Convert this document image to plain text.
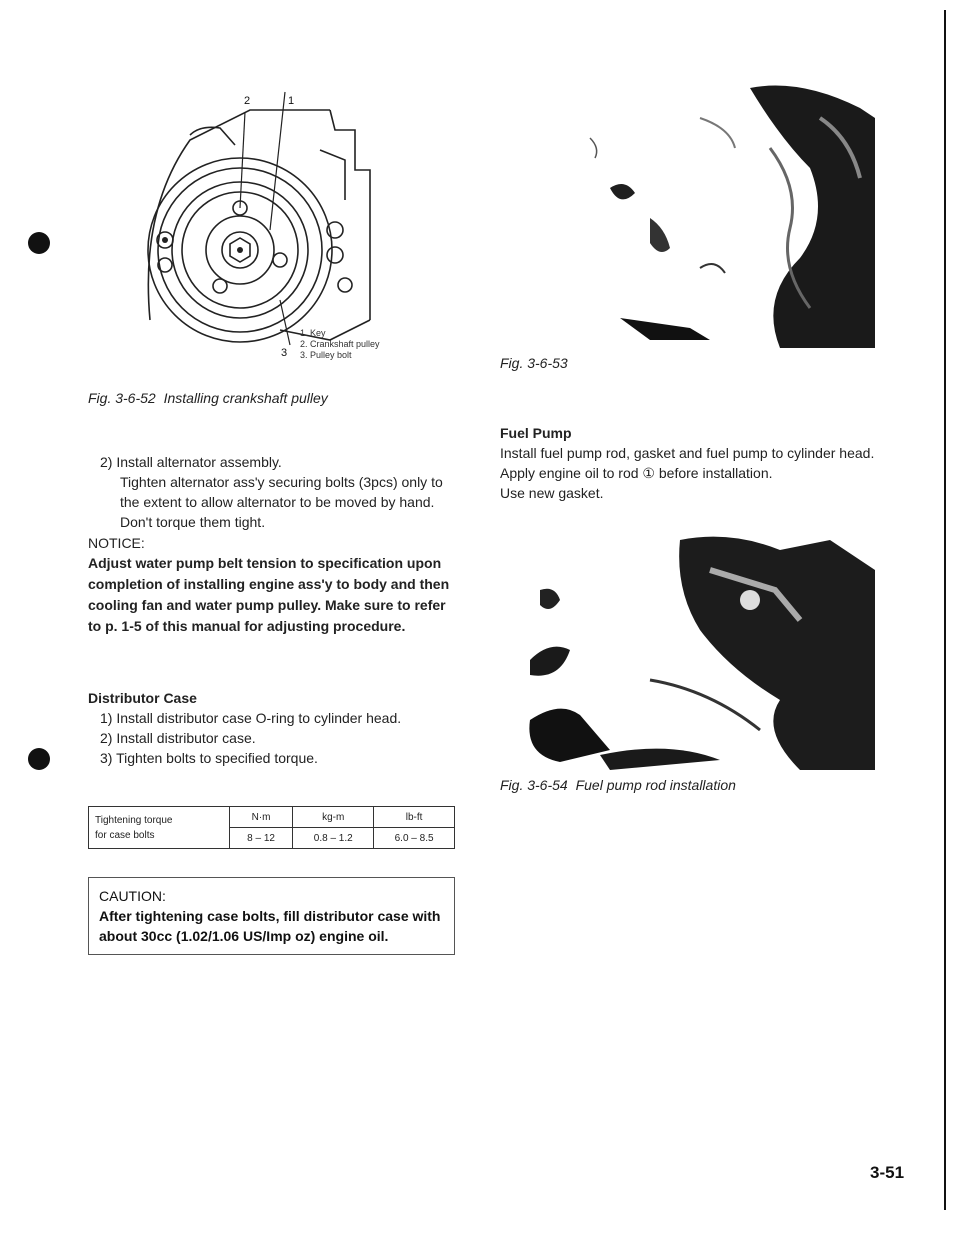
2	1
3
1. Key
2. Crankshaft pulley
3. Pulley bolt
Fig. 3-6-52 Installing crankshaft pulley
2) Install alternator assembly.
Tighten alternator ass'y securing bolts (3pcs) only to the extent to allow alternator to be moved by hand. Don't torque them tight.
NOTICE:
Adjust water pump belt tension to specification upon completion of installing engine ass'y to body and then cooling fan and water pump pulley. Make sure to refer to p. 1-5 of this manual for adjusting procedure.
Distributor Case
1) Install distributor case O-ring to cylinder head.
2) Install distributor case.
3) Tighten bolts to specified torque.
Tightening torque
for case bolts	N·m	kg-m	lb-ft
	8 – 12	0.8 – 1.2	6.0 – 8.5
CAUTION:
After tightening case bolts, fill distributor case with about 30cc (1.02/1.06 US/Imp oz) engine oil.
Fig. 3-6-53
Fuel Pump
Install fuel pump rod, gasket and fuel pump to cylinder head.
Apply engine oil to rod ① before installation.
Use new gasket.
Fig. 3-6-54 Fuel pump rod installation
3-51
